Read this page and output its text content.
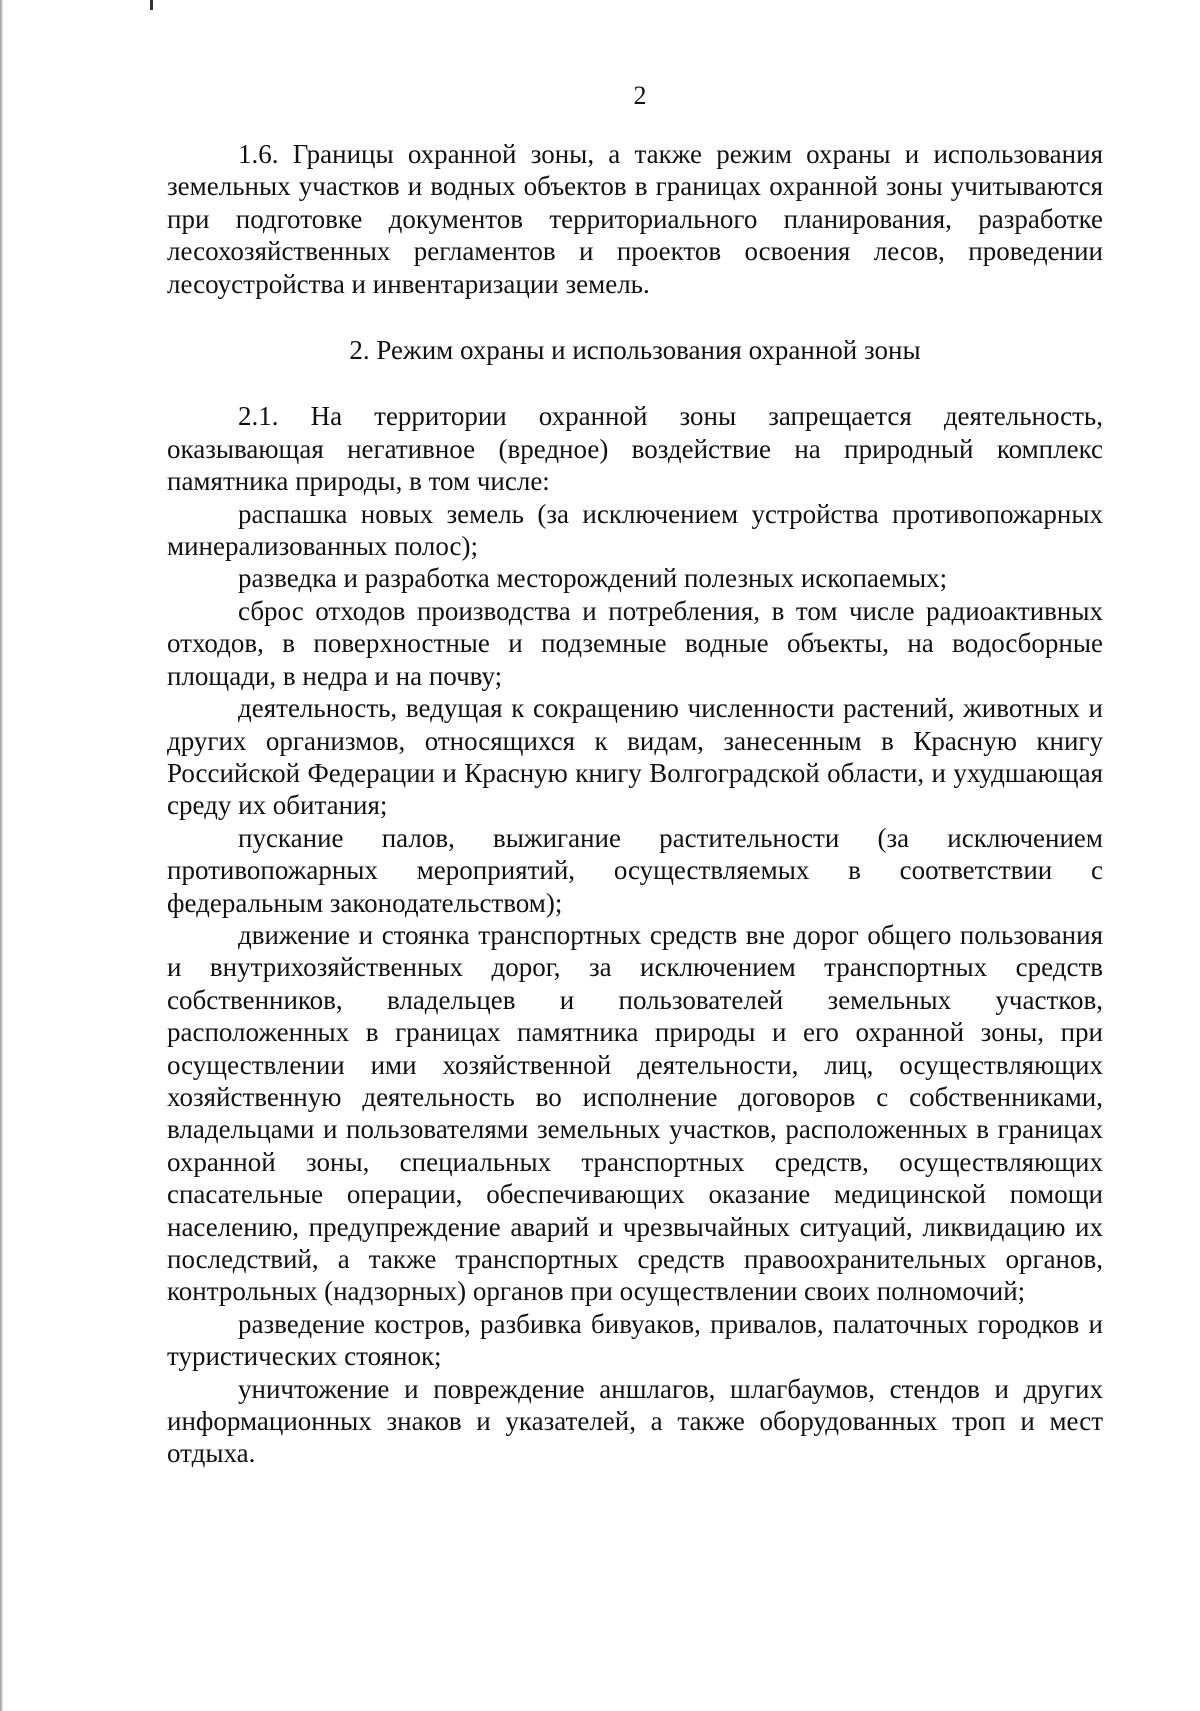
2

1.6. Границы охранной зоны, а также режим охраны и использования земельных участков и водных объектов в границах охранной зоны учитываются при подготовке документов территориального планирования, разработке лесохозяйственных регламентов и проектов освоения лесов, проведении лесоустройства и инвентаризации земель.

2. Режим охраны и использования охранной зоны

2.1. На территории охранной зоны запрещается деятельность, оказывающая негативное (вредное) воздействие на природный комплекс памятника природы, в том числе:

распашка новых земель (за исключением устройства противопожарных минерализованных полос);

разведка и разработка месторождений полезных ископаемых;

сброс отходов производства и потребления, в том числе радиоактивных отходов, в поверхностные и подземные водные объекты, на водосборные площади, в недра и на почву;

деятельность, ведущая к сокращению численности растений, животных и других организмов, относящихся к видам, занесенным в Красную книгу Российской Федерации и Красную книгу Волгоградской области, и ухудшающая среду их обитания;

пускание палов, выжигание растительности (за исключением противопожарных мероприятий, осуществляемых в соответствии с федеральным законодательством);

движение и стоянка транспортных средств вне дорог общего пользования и внутрихозяйственных дорог, за исключением транспортных средств собственников, владельцев и пользователей земельных участков, расположенных в границах памятника природы и его охранной зоны, при осуществлении ими хозяйственной деятельности, лиц, осуществляющих хозяйственную деятельность во исполнение договоров с собственниками, владельцами и пользователями земельных участков, расположенных в границах охранной зоны, специальных транспортных средств, осуществляющих спасательные операции, обеспечивающих оказание медицинской помощи населению, предупреждение аварий и чрезвычайных ситуаций, ликвидацию их последствий, а также транспортных средств правоохранительных органов, контрольных (надзорных) органов при осуществлении своих полномочий;

разведение костров, разбивка бивуаков, привалов, палаточных городков и туристических стоянок;

уничтожение и повреждение аншлагов, шлагбаумов, стендов и других информационных знаков и указателей, а также оборудованных троп и мест отдыха.
